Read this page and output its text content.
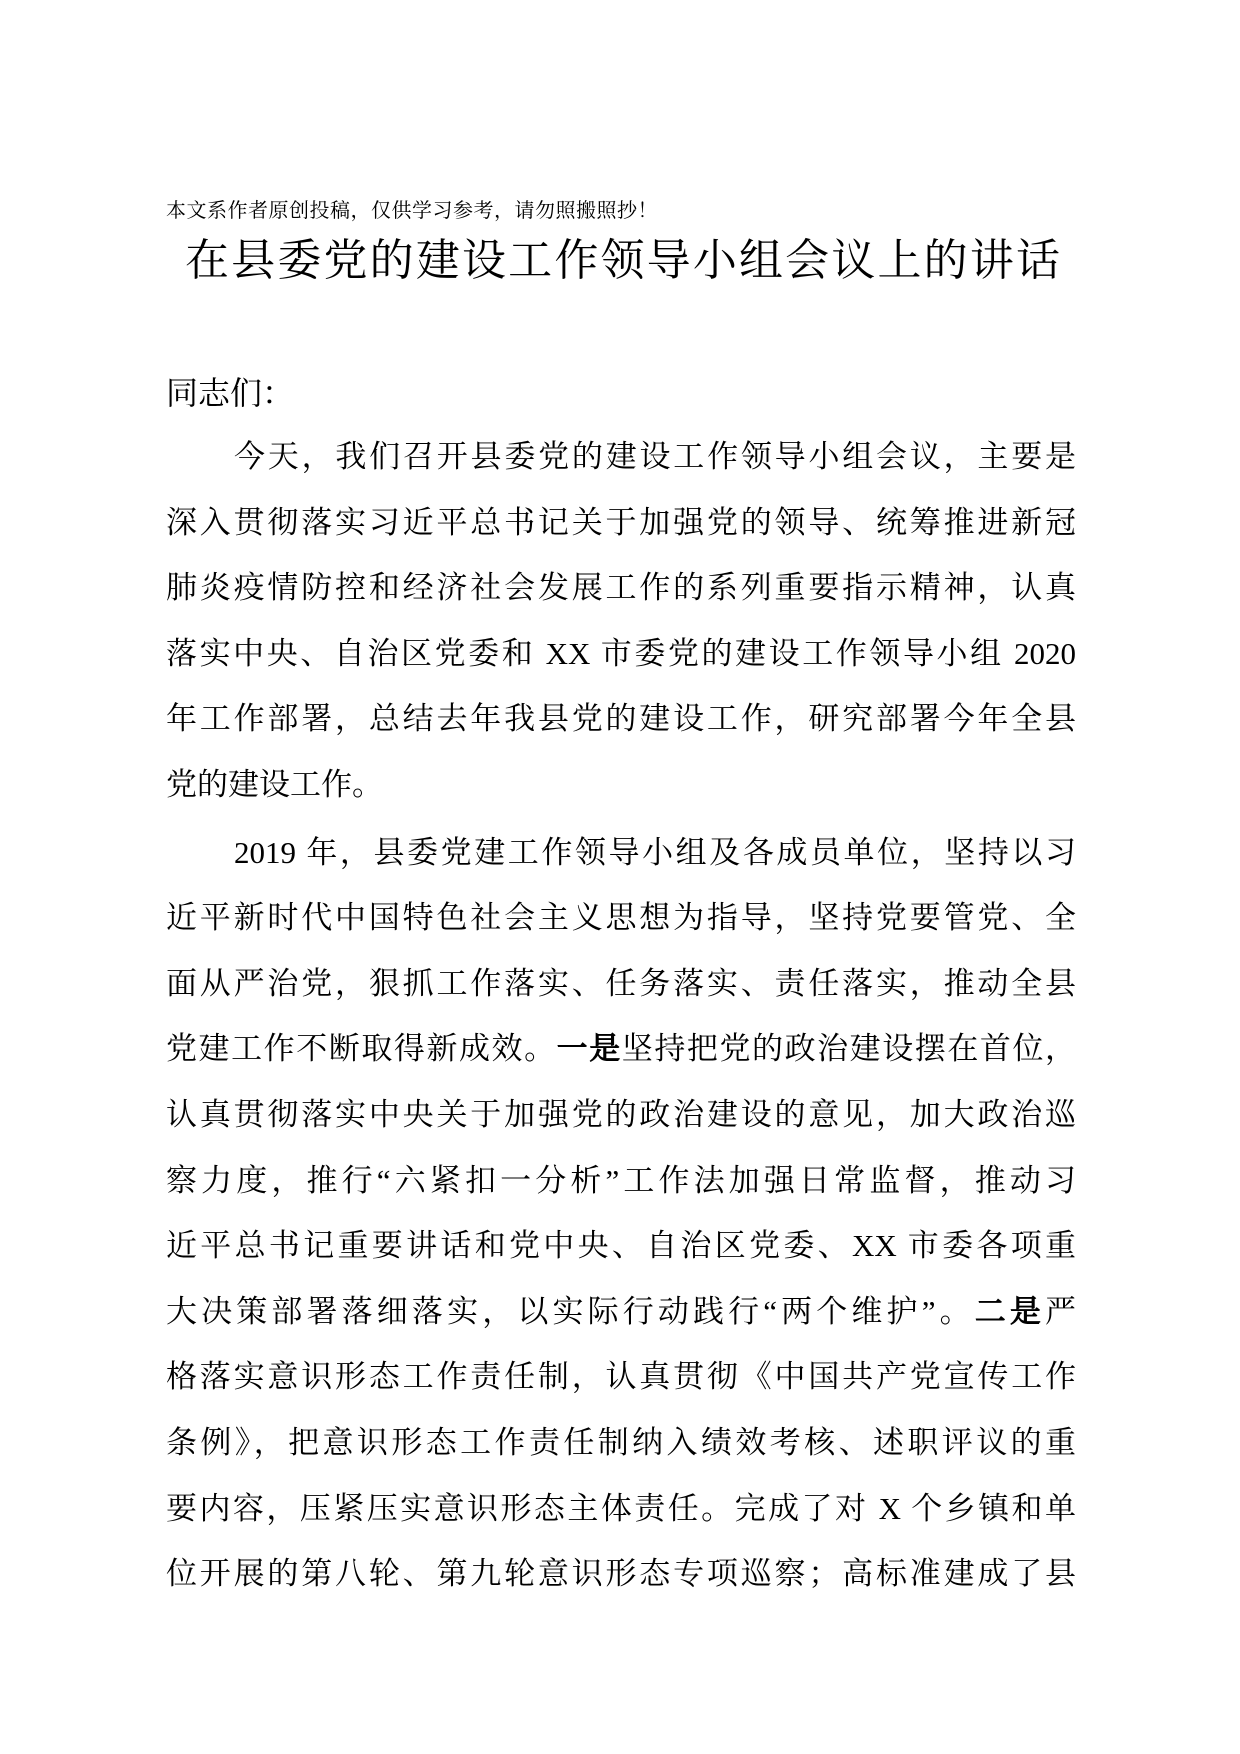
本文系作者原创投稿，仅供学习参考，请勿照搬照抄！
在县委党的建设工作领导小组会议上的讲话
同志们：
今天，我们召开县委党的建设工作领导小组会议，主要是
深入贯彻落实习近平总书记关于加强党的领导、统筹推进新冠
肺炎疫情防控和经济社会发展工作的系列重要指示精神，认真
落实中央、自治区党委和 XX 市委党的建设工作领导小组 2020
年工作部署，总结去年我县党的建设工作，研究部署今年全县
党的建设工作。
2019 年，县委党建工作领导小组及各成员单位，坚持以习
近平新时代中国特色社会主义思想为指导，坚持党要管党、全
面从严治党，狠抓工作落实、任务落实、责任落实，推动全县
党建工作不断取得新成效。一是坚持把党的政治建设摆在首位，
认真贯彻落实中央关于加强党的政治建设的意见，加大政治巡
察力度，推行“六紧扣一分析”工作法加强日常监督，推动习
近平总书记重要讲话和党中央、自治区党委、XX 市委各项重
大决策部署落细落实，以实际行动践行“两个维护”。二是严
格落实意识形态工作责任制，认真贯彻《中国共产党宣传工作
条例》，把意识形态工作责任制纳入绩效考核、述职评议的重
要内容，压紧压实意识形态主体责任。完成了对 X 个乡镇和单
位开展的第八轮、第九轮意识形态专项巡察；高标准建成了县
